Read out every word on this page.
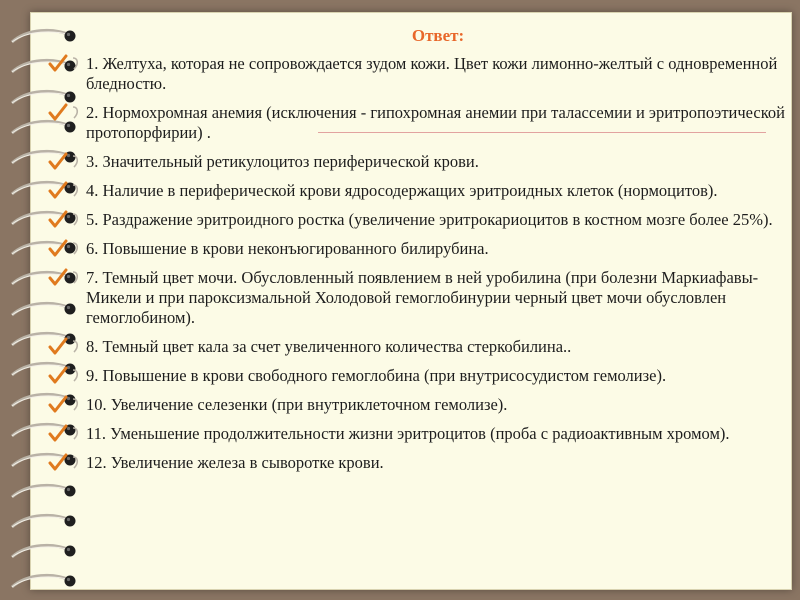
Ответ:
1. Желтуха, которая не сопровождается зудом кожи. Цвет кожи лимонно-желтый с одновременной бледностю.
2. Нормохромная анемия (исключения - гипохромная анемии при талассемии и эритропоэтической протопорфирии) .
3. Значительный ретикулоцитоз периферической крови.
4. Наличие в периферической крови ядросодержащих эритроидных клеток (нормоцитов).
5. Раздражение эритроидного ростка (увеличение эритрокариоцитов в костном мозге более 25%).
6. Повышение в крови неконъюгированного билирубина.
7. Темный цвет мочи. Обусловленный появлением в ней уробилина (при болезни Маркиафавы-Микели и при пароксизмальной Холодовой гемоглобинурии черный цвет мочи обусловлен гемоглобином).
8. Темный цвет кала за счет увеличенного количества стеркобилина..
9. Повышение в крови свободного гемоглобина (при внутрисосудистом гемолизе).
10. Увеличение селезенки (при внутриклеточном гемолизе).
11. Уменьшение продолжительности жизни эритроцитов (проба с радиоактивным хромом).
12. Увеличение железа в сыворотке крови.
